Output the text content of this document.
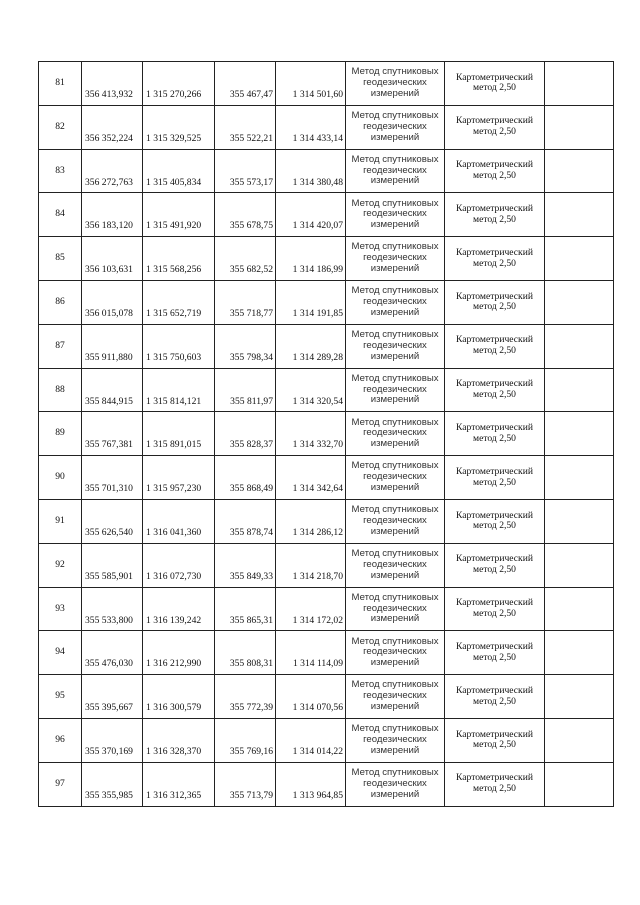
81	356 413,932	1 315 270,266	355 467,47	1 314 501,60	Метод спутниковых геодезических измерений	Картометрический метод 2,50	
82	356 352,224	1 315 329,525	355 522,21	1 314 433,14	Метод спутниковых геодезических измерений	Картометрический метод 2,50	
83	356 272,763	1 315 405,834	355 573,17	1 314 380,48	Метод спутниковых геодезических измерений	Картометрический метод 2,50	
84	356 183,120	1 315 491,920	355 678,75	1 314 420,07	Метод спутниковых геодезических измерений	Картометрический метод 2,50	
85	356 103,631	1 315 568,256	355 682,52	1 314 186,99	Метод спутниковых геодезических измерений	Картометрический метод 2,50	
86	356 015,078	1 315 652,719	355 718,77	1 314 191,85	Метод спутниковых геодезических измерений	Картометрический метод 2,50	
87	355 911,880	1 315 750,603	355 798,34	1 314 289,28	Метод спутниковых геодезических измерений	Картометрический метод 2,50	
88	355 844,915	1 315 814,121	355 811,97	1 314 320,54	Метод спутниковых геодезических измерений	Картометрический метод 2,50	
89	355 767,381	1 315 891,015	355 828,37	1 314 332,70	Метод спутниковых геодезических измерений	Картометрический метод 2,50	
90	355 701,310	1 315 957,230	355 868,49	1 314 342,64	Метод спутниковых геодезических измерений	Картометрический метод 2,50	
91	355 626,540	1 316 041,360	355 878,74	1 314 286,12	Метод спутниковых геодезических измерений	Картометрический метод 2,50	
92	355 585,901	1 316 072,730	355 849,33	1 314 218,70	Метод спутниковых геодезических измерений	Картометрический метод 2,50	
93	355 533,800	1 316 139,242	355 865,31	1 314 172,02	Метод спутниковых геодезических измерений	Картометрический метод 2,50	
94	355 476,030	1 316 212,990	355 808,31	1 314 114,09	Метод спутниковых геодезических измерений	Картометрический метод 2,50	
95	355 395,667	1 316 300,579	355 772,39	1 314 070,56	Метод спутниковых геодезических измерений	Картометрический метод 2,50	
96	355 370,169	1 316 328,370	355 769,16	1 314 014,22	Метод спутниковых геодезических измерений	Картометрический метод 2,50	
97	355 355,985	1 316 312,365	355 713,79	1 313 964,85	Метод спутниковых геодезических измерений	Картометрический метод 2,50	
